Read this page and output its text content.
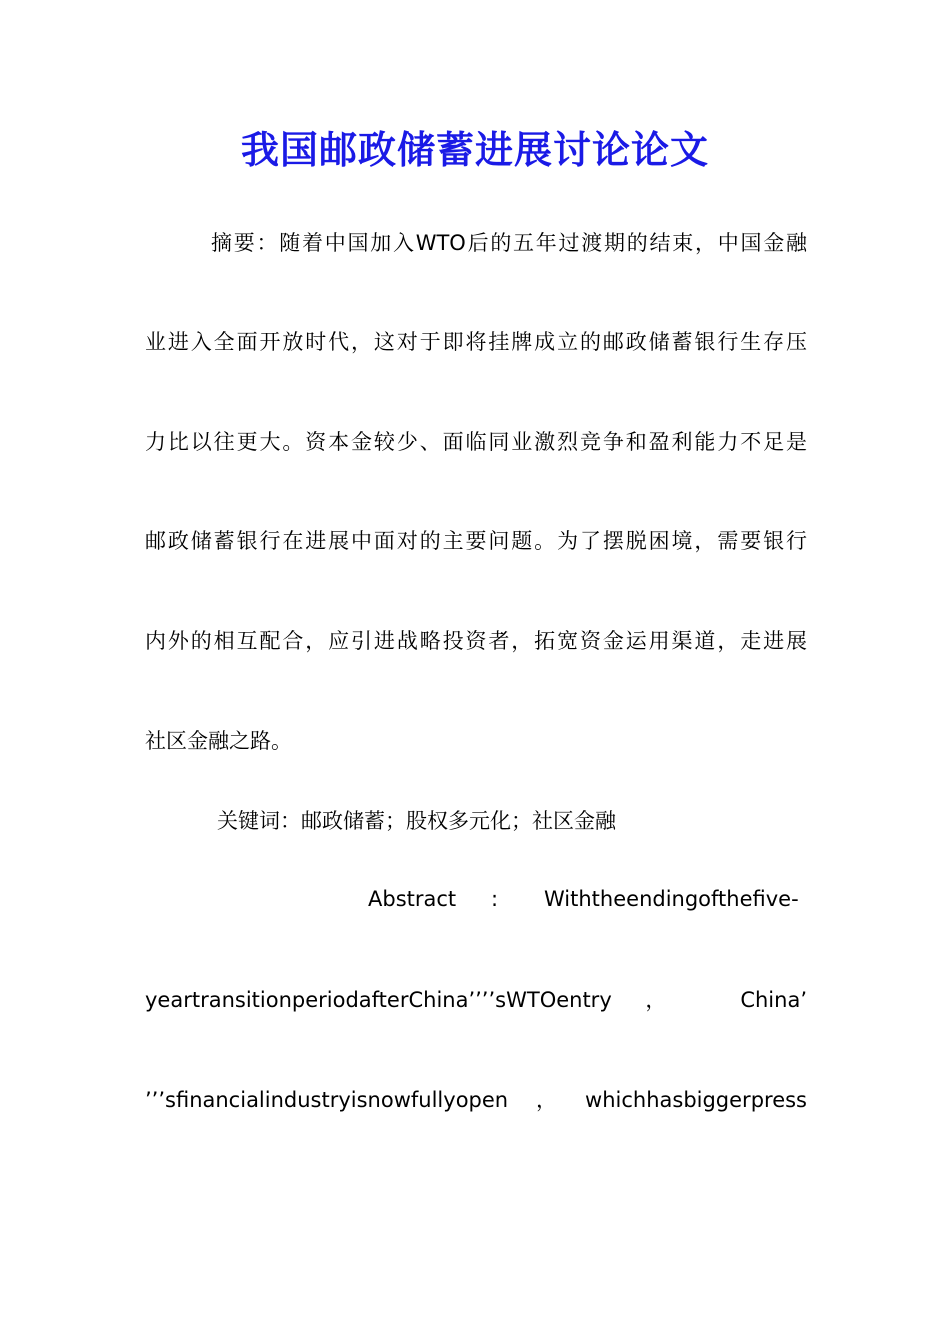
我国邮政储蓄进展讨论论文
摘要：随着中国加入WTO后的五年过渡期的结束，中国金融
业进入全面开放时代，这对于即将挂牌成立的邮政储蓄银行生存压
力比以往更大。资本金较少、面临同业激烈竞争和盈利能力不足是
邮政储蓄银行在进展中面对的主要问题。为了摆脱困境，需要银行
内外的相互配合，应引进战略投资者，拓宽资金运用渠道，走进展
社区金融之路。
关键词：邮政储蓄；股权多元化；社区金融
Abstract : Withtheendingofthefive-
yeartransitionperiodafterChina’’’’sWTOentry， China’
’’’sfinancialindustryisnowfullyopen，whichhasbiggerpress
